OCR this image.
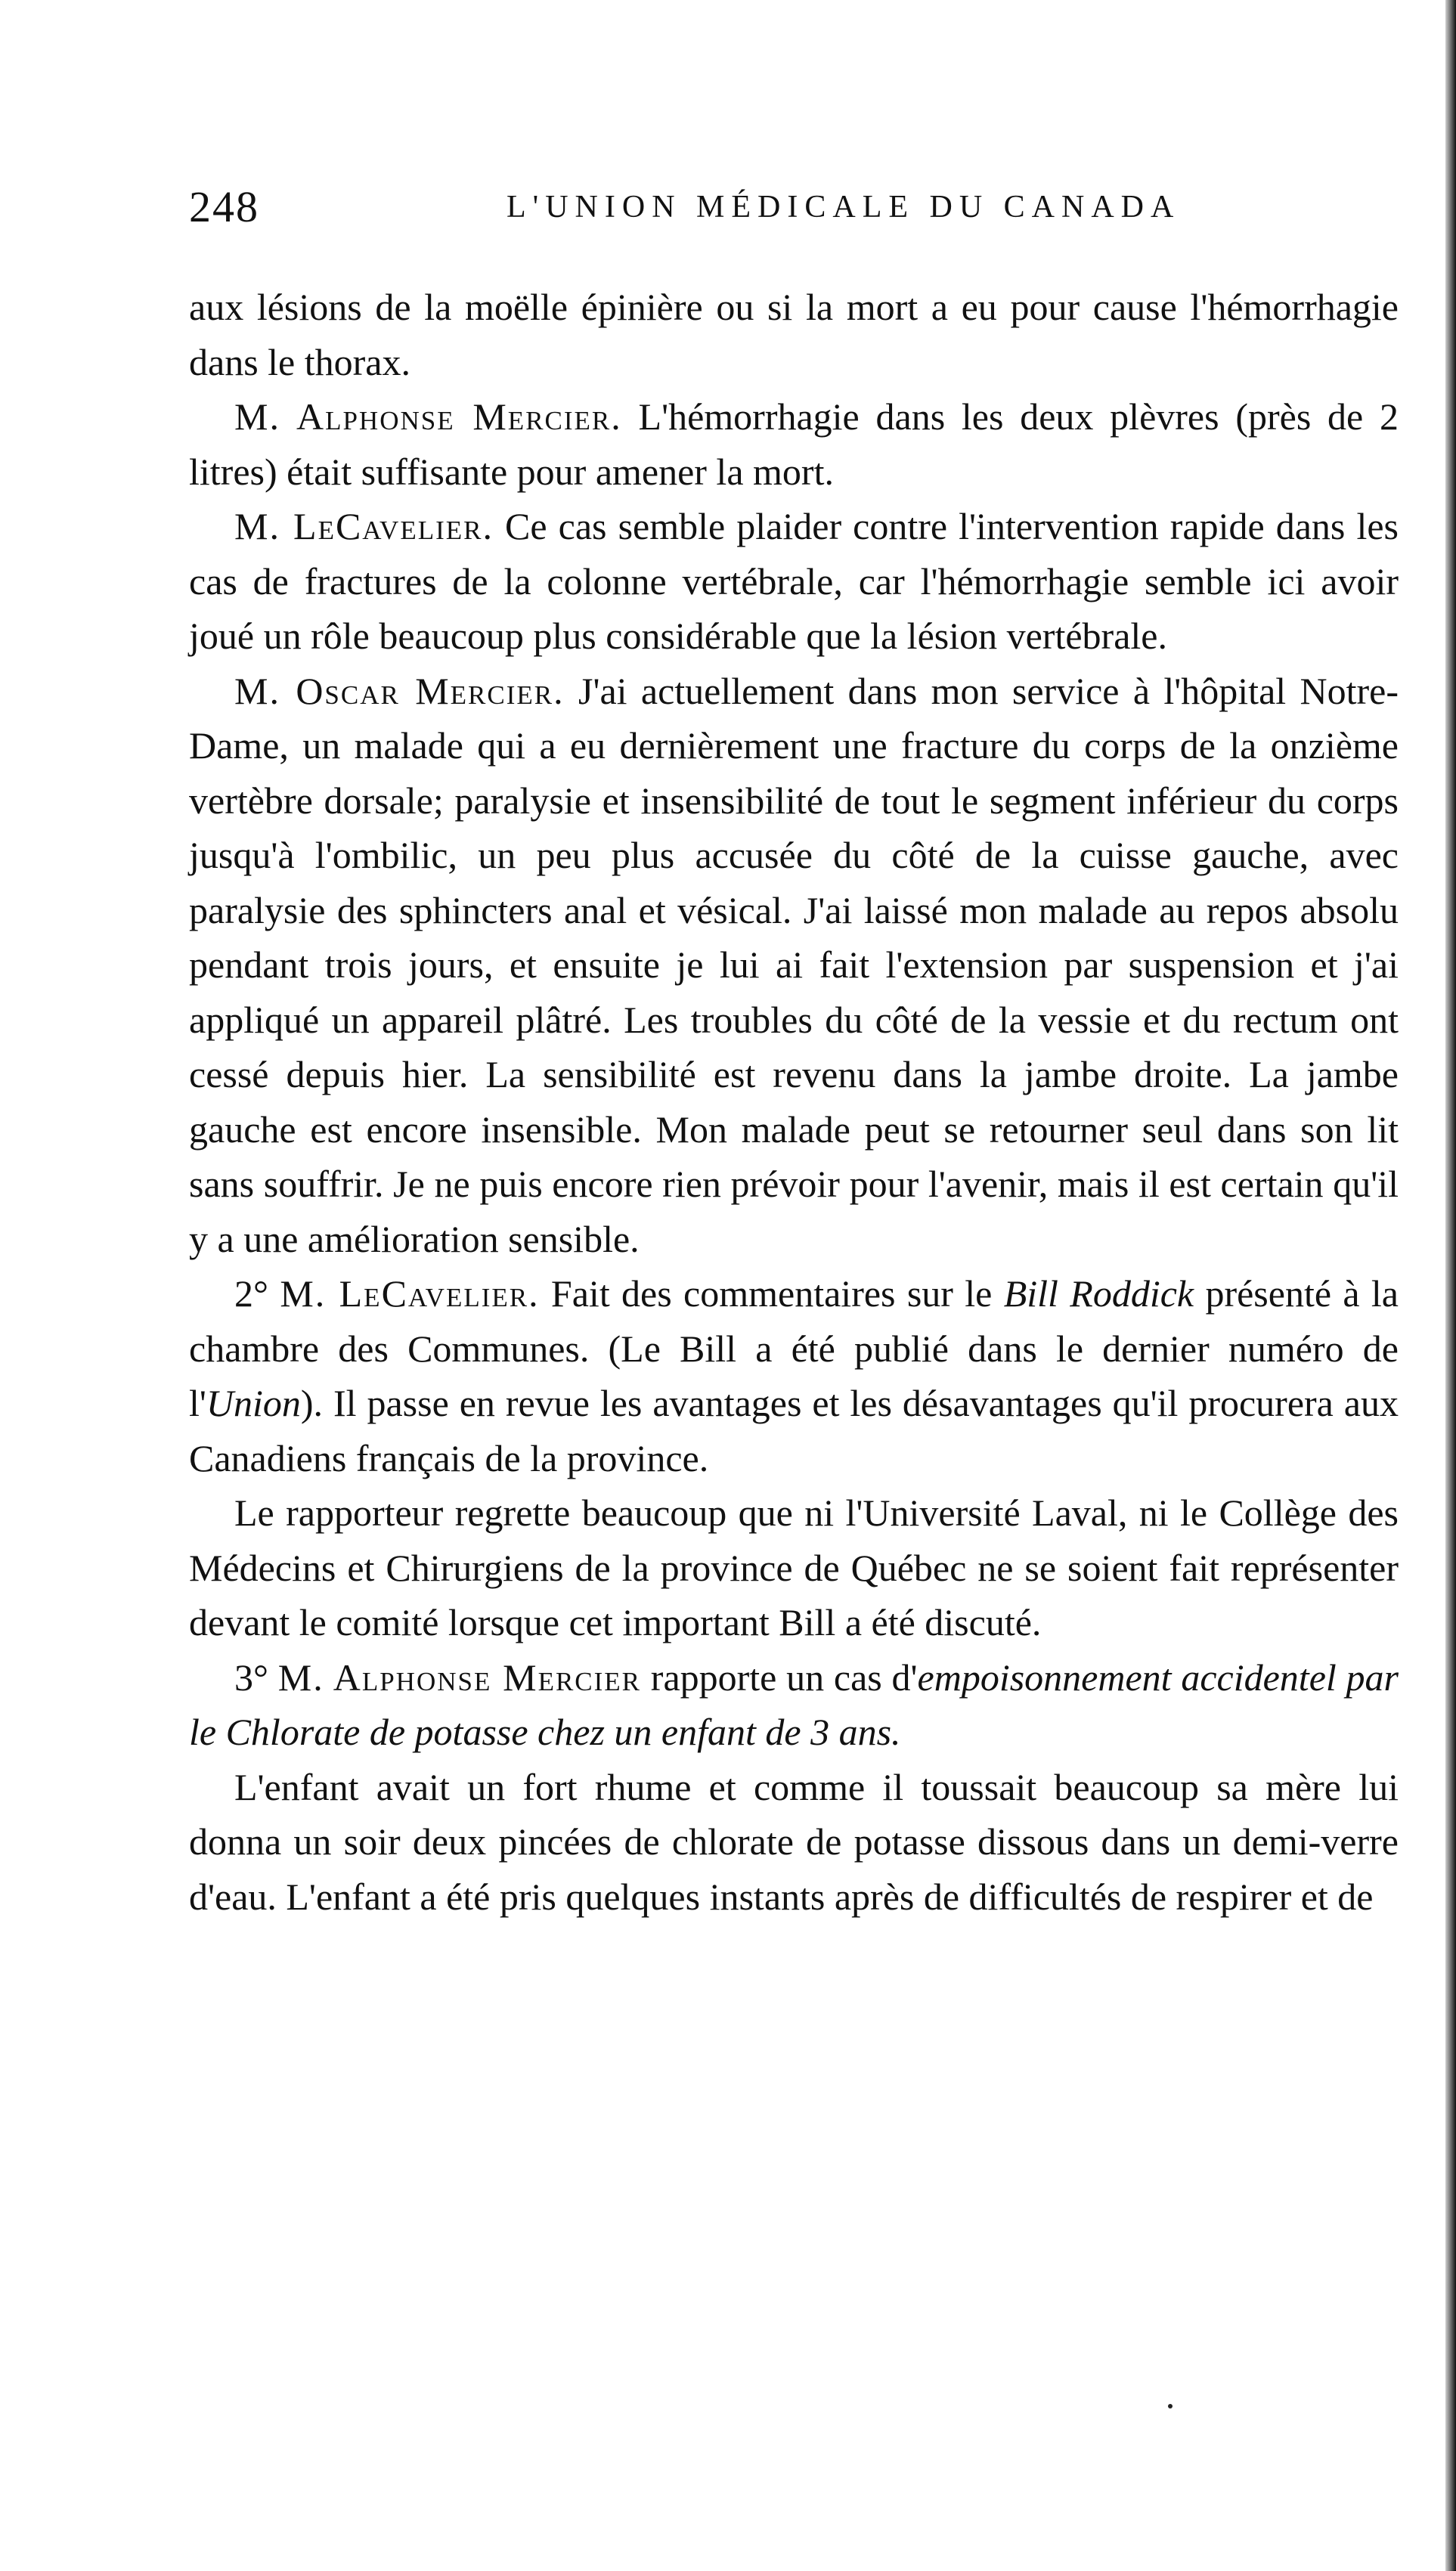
248	L'UNION MÉDICALE DU CANADA

aux lésions de la moëlle épinière ou si la mort a eu pour cause l'hémorrhagie dans le thorax.

M. Alphonse Mercier. L'hémorrhagie dans les deux plèvres (près de 2 litres) était suffisante pour amener la mort.

M. LeCavelier. Ce cas semble plaider contre l'intervention rapide dans les cas de fractures de la colonne vertébrale, car l'hémorrhagie semble ici avoir joué un rôle beaucoup plus considérable que la lésion vertébrale.

M. Oscar Mercier. J'ai actuellement dans mon service à l'hôpital Notre-Dame, un malade qui a eu dernièrement une fracture du corps de la onzième vertèbre dorsale; paralysie et insensibilité de tout le segment inférieur du corps jusqu'à l'ombilic, un peu plus accusée du côté de la cuisse gauche, avec paralysie des sphincters anal et vésical. J'ai laissé mon malade au repos absolu pendant trois jours, et ensuite je lui ai fait l'extension par suspension et j'ai appliqué un appareil plâtré. Les troubles du côté de la vessie et du rectum ont cessé depuis hier. La sensibilité est revenu dans la jambe droite. La jambe gauche est encore insensible. Mon malade peut se retourner seul dans son lit sans souffrir. Je ne puis encore rien prévoir pour l'avenir, mais il est certain qu'il y a une amélioration sensible.

2° M. LeCavelier. Fait des commentaires sur le Bill Roddick présenté à la chambre des Communes. (Le Bill a été publié dans le dernier numéro de l'Union). Il passe en revue les avantages et les désavantages qu'il procurera aux Canadiens français de la province.

Le rapporteur regrette beaucoup que ni l'Université Laval, ni le Collège des Médecins et Chirurgiens de la province de Québec ne se soient fait représenter devant le comité lorsque cet important Bill a été discuté.

3° M. Alphonse Mercier rapporte un cas d'empoisonnement accidentel par le Chlorate de potasse chez un enfant de 3 ans.

L'enfant avait un fort rhume et comme il toussait beaucoup sa mère lui donna un soir deux pincées de chlorate de potasse dissous dans un demi-verre d'eau. L'enfant a été pris quelques instants après de difficultés de respirer et de
